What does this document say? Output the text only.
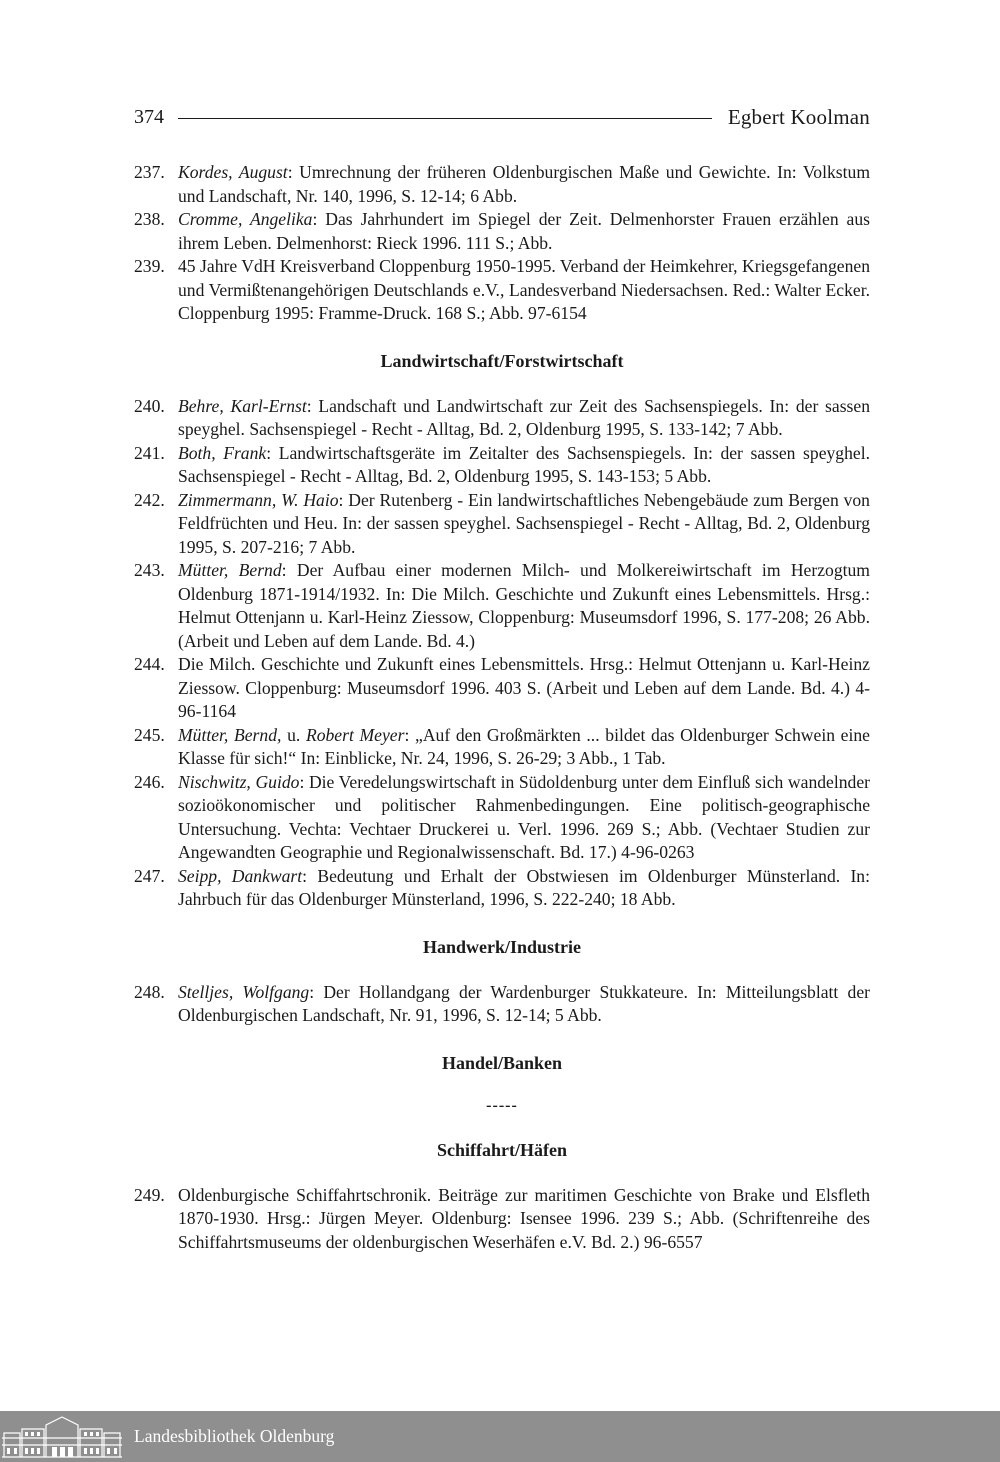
374	Egbert Koolman
237. Kordes, August: Umrechnung der früheren Oldenburgischen Maße und Gewichte. In: Volkstum und Landschaft, Nr. 140, 1996, S. 12-14; 6 Abb.
238. Cromme, Angelika: Das Jahrhundert im Spiegel der Zeit. Delmenhorster Frauen erzählen aus ihrem Leben. Delmenhorst: Rieck 1996. 111 S.; Abb.
239. 45 Jahre VdH Kreisverband Cloppenburg 1950-1995. Verband der Heimkehrer, Kriegsgefangenen und Vermißtenangehörigen Deutschlands e.V., Landesverband Niedersachsen. Red.: Walter Ecker. Cloppenburg 1995: Framme-Druck. 168 S.; Abb. 97-6154
Landwirtschaft/Forstwirtschaft
240. Behre, Karl-Ernst: Landschaft und Landwirtschaft zur Zeit des Sachsenspiegels. In: der sassen speyghel. Sachsenspiegel - Recht - Alltag, Bd. 2, Oldenburg 1995, S. 133-142; 7 Abb.
241. Both, Frank: Landwirtschaftsgeräte im Zeitalter des Sachsenspiegels. In: der sassen speyghel. Sachsenspiegel - Recht - Alltag, Bd. 2, Oldenburg 1995, S. 143-153; 5 Abb.
242. Zimmermann, W. Haio: Der Rutenberg - Ein landwirtschaftliches Nebengebäude zum Bergen von Feldfrüchten und Heu. In: der sassen speyghel. Sachsenspiegel - Recht - Alltag, Bd. 2, Oldenburg 1995, S. 207-216; 7 Abb.
243. Mütter, Bernd: Der Aufbau einer modernen Milch- und Molkereiwirtschaft im Herzogtum Oldenburg 1871-1914/1932. In: Die Milch. Geschichte und Zukunft eines Lebensmittels. Hrsg.: Helmut Ottenjann u. Karl-Heinz Ziessow, Cloppenburg: Museumsdorf 1996, S. 177-208; 26 Abb. (Arbeit und Leben auf dem Lande. Bd. 4.)
244. Die Milch. Geschichte und Zukunft eines Lebensmittels. Hrsg.: Helmut Ottenjann u. Karl-Heinz Ziessow. Cloppenburg: Museumsdorf 1996. 403 S. (Arbeit und Leben auf dem Lande. Bd. 4.) 4-96-1164
245. Mütter, Bernd, u. Robert Meyer: „Auf den Großmärkten ... bildet das Oldenburger Schwein eine Klasse für sich!“ In: Einblicke, Nr. 24, 1996, S. 26-29; 3 Abb., 1 Tab.
246. Nischwitz, Guido: Die Veredelungswirtschaft in Südoldenburg unter dem Einfluß sich wandelnder sozioökonomischer und politischer Rahmenbedingungen. Eine politisch-geographische Untersuchung. Vechta: Vechtaer Druckerei u. Verl. 1996. 269 S.; Abb. (Vechtaer Studien zur Angewandten Geographie und Regionalwissenschaft. Bd. 17.) 4-96-0263
247. Seipp, Dankwart: Bedeutung und Erhalt der Obstwiesen im Oldenburger Münsterland. In: Jahrbuch für das Oldenburger Münsterland, 1996, S. 222-240; 18 Abb.
Handwerk/Industrie
248. Stelljes, Wolfgang: Der Hollandgang der Wardenburger Stukkateure. In: Mitteilungsblatt der Oldenburgischen Landschaft, Nr. 91, 1996, S. 12-14; 5 Abb.
Handel/Banken
-----
Schiffahrt/Häfen
249. Oldenburgische Schiffahrtschronik. Beiträge zur maritimen Geschichte von Brake und Elsfleth 1870-1930. Hrsg.: Jürgen Meyer. Oldenburg: Isensee 1996. 239 S.; Abb. (Schriftenreihe des Schiffahrtsmuseums der oldenburgischen Weserhäfen e.V. Bd. 2.) 96-6557
Landesbibliothek Oldenburg
